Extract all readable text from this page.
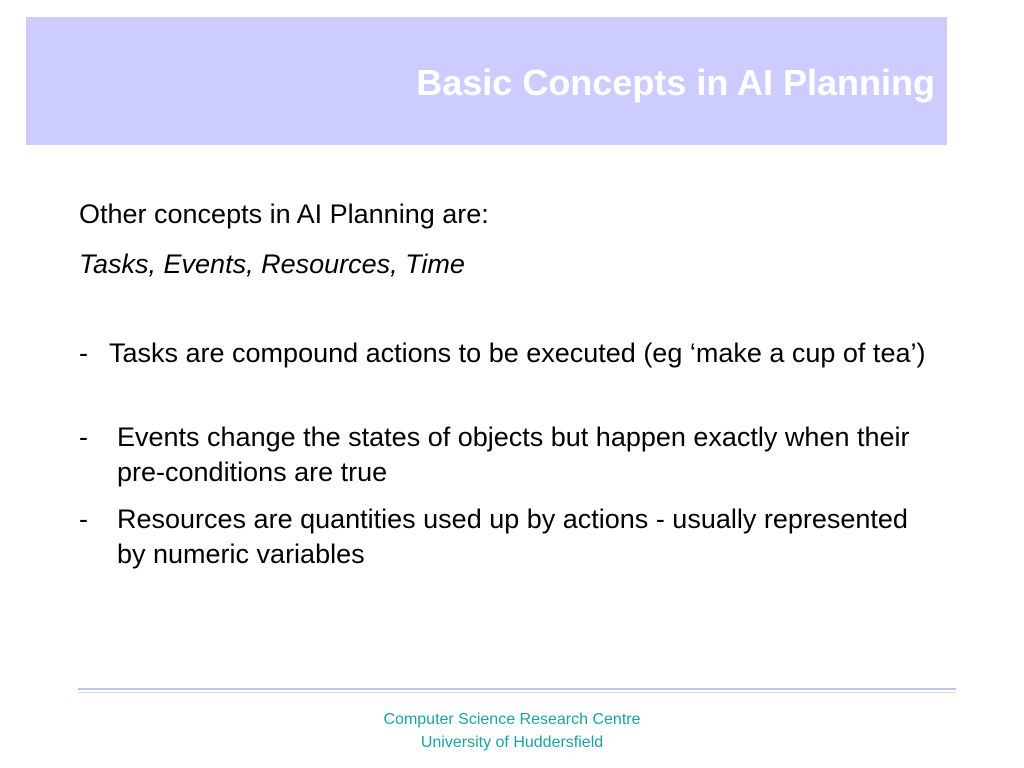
Basic Concepts in AI Planning
Other concepts in AI Planning are:
Tasks, Events, Resources, Time
- Tasks are compound actions to be executed (eg ‘make a cup of tea’)
-	Events change the states of objects but happen exactly when their pre-conditions are true
-	Resources are quantities used up by actions - usually represented by numeric variables
Computer Science Research Centre
University of Huddersfield
